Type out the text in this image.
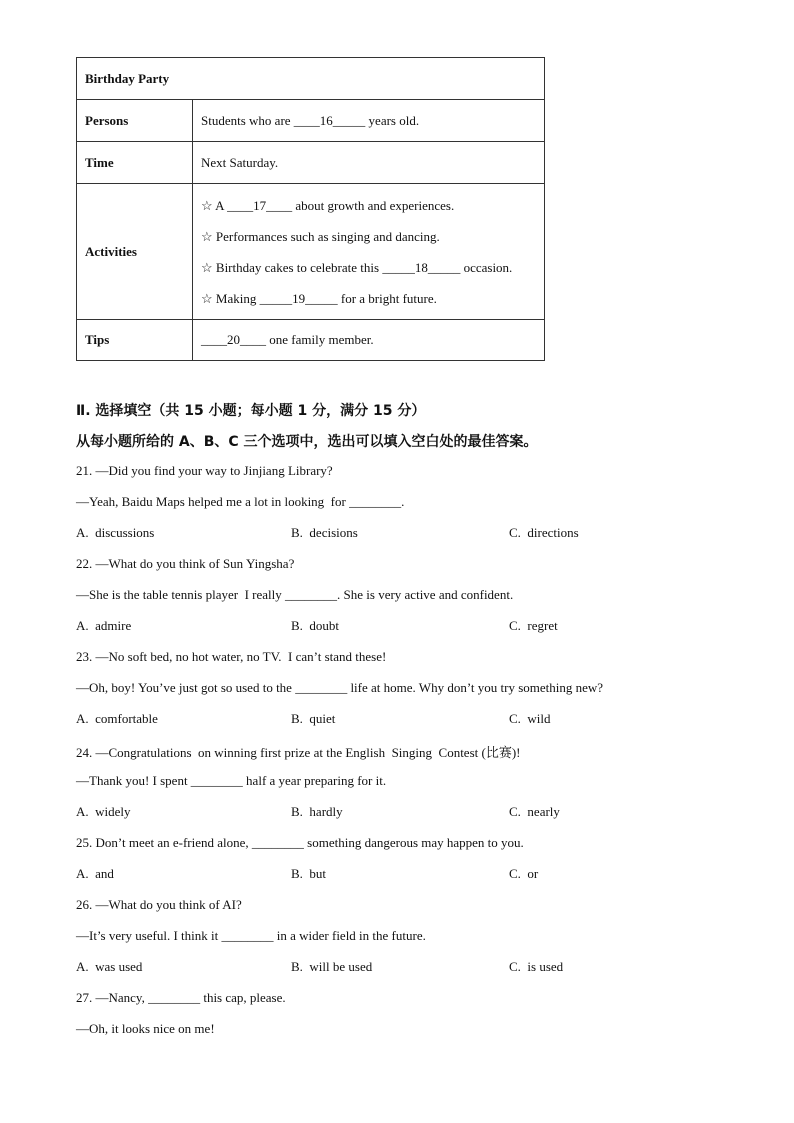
Birthday Party	
Persons	Students who are ____16_____ years old.
Time	Next Saturday.
Activities	☆ A ____17____ about growth and experiences.
☆ Performances such as singing and dancing.
☆ Birthday cakes to celebrate this _____18_____ occasion.
☆ Making _____19_____ for a bright future.

Tips	____20____ one family member.
Ⅱ. 选择填空（共 15 小题；每小题 1 分，满分 15 分）
从每小题所给的 A、B、C 三个选项中，选出可以填入空白处的最佳答案。
21. —Did you find your way to Jinjiang Library?
—Yeah, Baidu Maps helped me a lot in looking  for ________.
A.  discussions	B.  decisions	C.  directions
22. —What do you think of Sun Yingsha?
—She is the table tennis player  I really ________. She is very active and confident.
A.  admire	B.  doubt	C.  regret
23. —No soft bed, no hot water, no TV.  I can’t stand these!
—Oh, boy! You’ve just got so used to the ________ life at home. Why don’t you try something new?
A.  comfortable	B.  quiet	C.  wild
24. —Congratulations  on winning first prize at the English  Singing  Contest (比赛)!
—Thank you! I spent ________ half a year preparing for it.
A.  widely	B.  hardly	C.  nearly
25. Don’t meet an e-friend alone, ________ something dangerous may happen to you.
A.  and	B.  but	C.  or
26. —What do you think of AI?
—It’s very useful. I think it ________ in a wider field in the future.
A.  was used	B.  will be used	C.  is used
27. —Nancy, ________ this cap, please.
—Oh, it looks nice on me!
